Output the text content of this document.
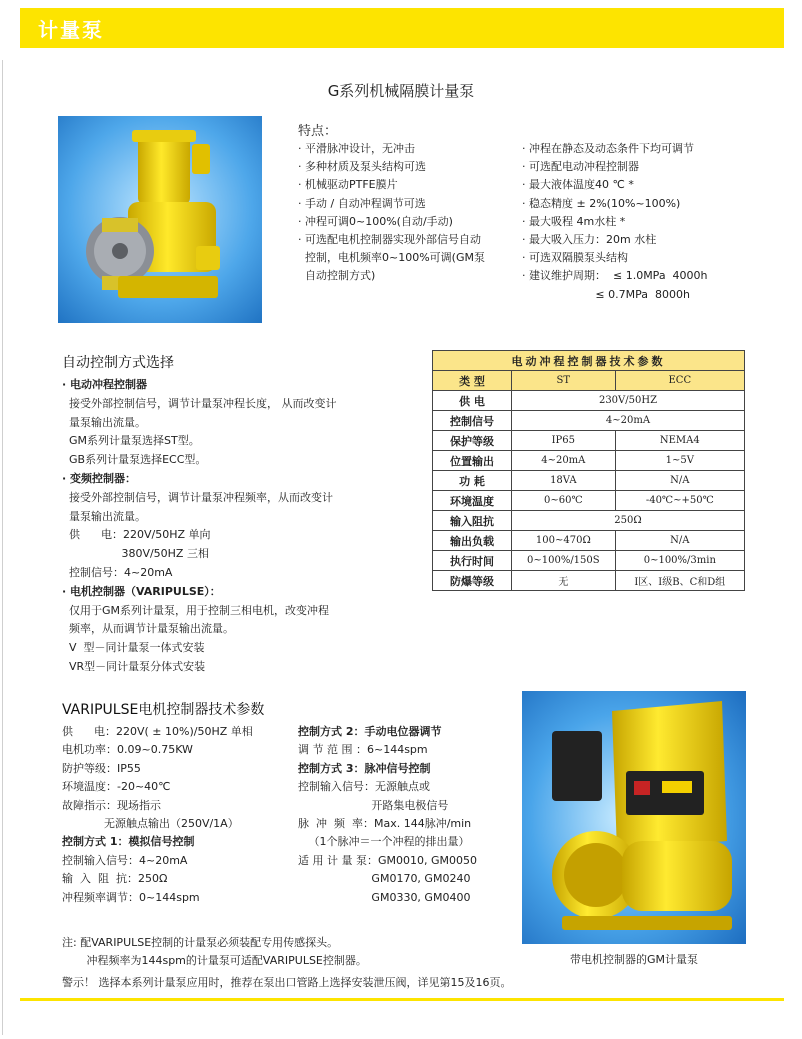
计量泵
G系列机械隔膜计量泵
特点：
· 平滑脉冲设计，无冲击
· 多种材质及泵头结构可选
· 机械驱动PTFE膜片
· 手动 / 自动冲程调节可选
· 冲程可调0~100%(自动/手动)
· 可选配电机控制器实现外部信号自动
控制，电机频率0~100%可调(GM泵
自动控制方式)
· 冲程在静态及动态条件下均可调节
· 可选配电动冲程控制器
· 最大液体温度40 ℃ *
· 稳态精度 ± 2%(10%~100%)
· 最大吸程 4m水柱 *
· 最大吸入压力：20m 水柱
· 可选双隔膜泵头结构
· 建议维护周期：  ≤ 1.0MPa  4000h
≤ 0.7MPa  8000h
自动控制方式选择
· 电动冲程控制器
接受外部控制信号，调节计量泵冲程长度， 从而改变计
量泵输出流量。
GM系列计量泵选择ST型。
GB系列计量泵选择ECC型。
· 变频控制器：
接受外部控制信号，调节计量泵冲程频率，从而改变计
量泵输出流量。
供      电：220V/50HZ 单向
380V/50HZ 三相
控制信号：4~20mA
· 电机控制器（VARIPULSE）：
仅用于GM系列计量泵，用于控制三相电机，改变冲程
频率，从而调节计量泵输出流量。
V  型－同计量泵一体式安装
VR型－同计量泵分体式安装
电动冲程控制器技术参数		
类 型	ST	ECC
供 电	230V/50HZ	
控制信号	4~20mA	
保护等级	IP65	NEMA4
位置输出	4~20mA	1~5V
功 耗	18VA	N/A
环境温度	0~60℃	-40℃~+50℃
输入阻抗	250Ω	
输出负载	100~470Ω	N/A
执行时间	0~100%/150S	0~100%/3min
防爆等级	无	I区、I级B、C和D组
VARIPULSE电机控制器技术参数
供      电：220V( ± 10%)/50HZ 单相
电机功率：0.09~0.75KW
防护等级：IP55
环境温度：-20~40℃
故障指示：现场指示
无源触点输出（250V/1A）
控制方式 1：模拟信号控制
控制输入信号：4~20mA
输  入  阻  抗：250Ω
冲程频率调节：0~144spm
控制方式 2：手动电位器调节
调 节 范 围 ：6~144spm
控制方式 3：脉冲信号控制
控制输入信号：无源触点或
开路集电极信号
脉  冲  频  率：Max. 144脉冲/min
（1个脉冲＝一个冲程的排出量）
适 用 计 量 泵：GM0010, GM0050
GM0170, GM0240
GM0330, GM0400
带电机控制器的GM计量泵
注: 配VARIPULSE控制的计量泵必须装配专用传感探头。
冲程频率为144spm的计量泵可适配VARIPULSE控制器。
警示！ 选择本系列计量泵应用时，推荐在泵出口管路上选择安装泄压阀，详见第15及16页。
